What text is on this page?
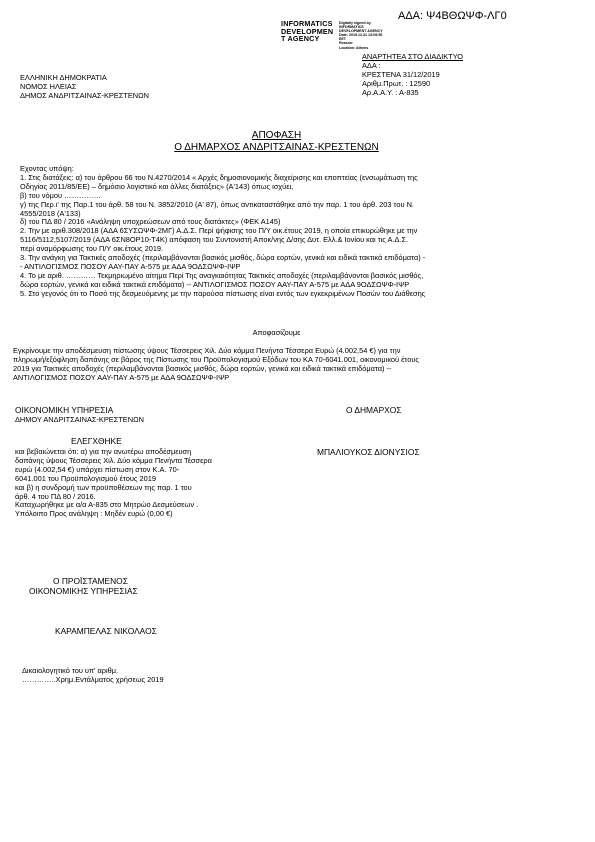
ΑΔΑ: Ψ4ΒΘΩΨΦ-ΛΓ0
INFORMATICS
DEVELOPMEN
T AGENCY
Digitally signed by
INFORMATICS
DEVELOPMENT AGENCY
Date: 2019.12.31 13:09:56
EET
Reason:
Location: Athens
ΑΝΑΡΤΗΤΕΑ ΣΤΟ ΔΙΑΔΙΚΤΥΟ
ΑΔΑ :
ΚΡΕΣΤΕΝΑ 31/12/2019
Αριθμ.Πρωτ. : 12590
Αρ.Α.Α.Υ. : Α-835
ΕΛΛΗΝΙΚΗ ΔΗΜΟΚΡΑΤΙΑ
ΝΟΜΟΣ ΗΛΕΙΑΣ
ΔΗΜΟΣ ΑΝΔΡΙΤΣΑΙΝΑΣ-ΚΡΕΣΤΕΝΩΝ
ΑΠΟΦΑΣΗ
Ο ΔΗΜΑΡΧΟΣ ΑΝΔΡΙΤΣΑΙΝΑΣ-ΚΡΕΣΤΕΝΩΝ
Εχοντας υπόψη:
1. Στις διατάξεις: α) του άρθρου 66 του Ν.4270/2014 « Αρχές δημοσιονομικής διαχείρισης και εποπτείας (ενσωμάτωση της
Οδηγίας 2011/85/ΕΕ) – δημόσιο λογιστικό και άλλες διατάξεις» (Α'143) όπως ισχύει,
β) του νόμου ……………
γ) της Περ.ι' της Παρ.1 του άρθ. 58 του Ν. 3852/2010 (Α' 87), όπως αντικαταστάθηκε από την παρ. 1 του άρθ. 203 του Ν.
4555/2018 (Α'133)
δ) του ΠΔ 80 / 2016 «Ανάληψη υποχρεώσεων από τους διατάκτες» (ΦΕΚ Α145)
2. Την με αριθ.308/2018 (ΑΔΑ 6ΣΥΣΩΨΦ-2ΜΓ) Α.Δ.Σ. Περί ψήφισης του Π/Υ οικ.έτους 2019, η οποία επικυρώθηκε με την
5116/5112,5107/2019 (ΑΔΑ 6ΣΝ8ΟΡ10-Τ4Κ) απόφαση του Συντονιστή Αποκ/νης Δ/σης Δυτ. Ελλ.& Ιονίου και τις Α.Δ.Σ.
περί αναμόρφωσης του Π/Υ οικ.έτους 2019.
3. Την ανάγκη για Τακτικές αποδοχές (περιλαμβάνονται βασικός μισθός, δώρα εορτών, γενικά και ειδικά τακτικά επιδόματα) -
- ΑΝΤΙΛΟΓΙΣΜΟΣ ΠΟΣΟΥ ΑΑΥ-ΠΑΥ Α-575 με ΑΔΑ 9ΟΔΣΩΨΦ-ΙΨΡ
4. Το με αριθ. ………… Τεκμηριωμένο αίτημα Περί Της αναγκαιότητας Τακτικές αποδοχές (περιλαμβάνονται βασικός μισθός,
δώρα εορτών, γενικά και ειδικά τακτικά επιδόματα) -- ΑΝΤΙΛΟΓΙΣΜΟΣ ΠΟΣΟΥ ΑΑΥ-ΠΑΥ Α-575 με ΑΔΑ 9ΟΔΣΩΨΦ-ΙΨΡ
5. Στο γεγονός ότι το Ποσό της δεσμευόμενης με την παρούσα πίστωσης είναι εντός των εγκεκριμένων Ποσών του Διάθεσης
Αποφασίζουμε
Εγκρίνουμε την αποδέσμευση πίστωσης ύψους Τέσσερεις Χιλ. Δύο κόμμα Πενήντα Τέσσερα Ευρώ (4.002,54 €) για την
πληρωμή/εξόφληση δαπάνης σε βάρος της Πίστωσης του Προϋπολογισμού Εξόδων του ΚΑ 70-6041.001, οικονομικού έτους
2019 για Τακτικές αποδοχές (περιλαμβάνονται βασικός μισθός, δώρα εορτών, γενικά και ειδικά τακτικά επιδόματα) --
ΑΝΤΙΛΟΓΙΣΜΟΣ ΠΟΣΟΥ ΑΑΥ-ΠΑΥ Α-575 με ΑΔΑ 9ΟΔΣΩΨΦ-ΙΨΡ
ΟΙΚΟΝΟΜΙΚΗ ΥΠΗΡΕΣΙΑ
ΔΗΜΟΥ ΑΝΔΡΙΤΣΑΙΝΑΣ-ΚΡΕΣΤΕΝΩΝ
Ο ΔΗΜΑΡΧΟΣ
ΕΛΕΓΧΘΗΚΕ
ΜΠΑΛΙΟΥΚΟΣ ΔΙΟΝΥΣΙΟΣ
και βεβαιώνεται ότι: α) για την ανωτέρω αποδέσμευση
δαπάνης ύψους Τέσσερεις Χιλ. Δύο κόμμα Πενήντα Τέσσερα
ευρώ (4.002,54 €) υπάρχει πίστωση στον Κ.Α. 70-
6041.001 του Προϋπολογισμού έτους 2019
και β) η συνδρομή των προϋποθέσεων της παρ. 1 του
άρθ. 4 του ΠΔ 80 / 2016.
Καταχωρήθηκε με α/α Α-835 στο Μητρώο Δεσμεύσεων .
Υπόλοιπο Προς ανάληψη : Μηδέν ευρώ (0,00 €)
Ο ΠΡΟΪΣΤΑΜΕΝΟΣ
ΟΙΚΟΝΟΜΙΚΗΣ ΥΠΗΡΕΣΙΑΣ
ΚΑΡΑΜΠΕΛΑΣ ΝΙΚΟΛΑΟΣ
Δικαιολογητικό του υπ' αριθμ.
…………..Χρημ.Εντάλματος χρήσεως 2019
